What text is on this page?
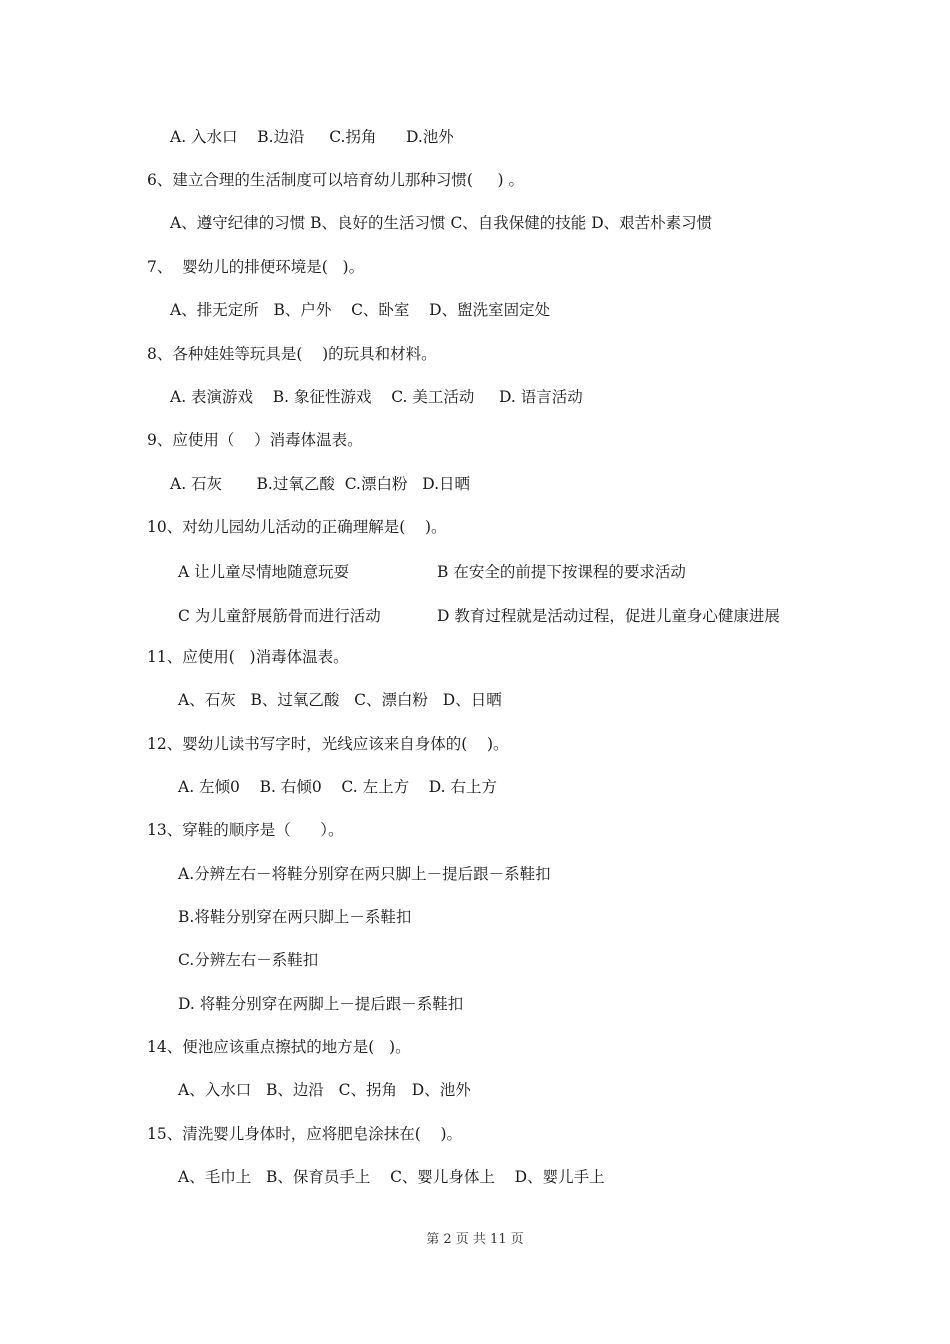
A. 入水口    B.边沿     C.拐角      D.池外
6、建立合理的生活制度可以培育幼儿那种习惯(     ) 。
A、遵守纪律的习惯 B、良好的生活习惯 C、自我保健的技能 D、艰苦朴素习惯
7、  婴幼儿的排便环境是(   )。
A、排无定所   B、户外    C、卧室    D、盥洗室固定处
8、各种娃娃等玩具是(    )的玩具和材料。
A. 表演游戏    B. 象征性游戏    C. 美工活动     D. 语言活动
9、应使用（    ）消毒体温表。
A. 石灰       B.过氧乙酸  C.漂白粉   D.日晒
10、对幼儿园幼儿活动的正确理解是(    )。
A 让儿童尽情地随意玩耍	B 在安全的前提下按课程的要求活动
C 为儿童舒展筋骨而进行活动	D 教育过程就是活动过程，促进儿童身心健康进展
11、应使用(   )消毒体温表。
A、石灰   B、过氧乙酸   C、漂白粉   D、日晒
12、婴幼儿读书写字时，光线应该来自身体的(    )。
A. 左倾0    B. 右倾0    C. 左上方    D. 右上方
13、穿鞋的顺序是（      ）。
A.分辨左右－将鞋分别穿在两只脚上－提后跟－系鞋扣
B.将鞋分别穿在两只脚上－系鞋扣
C.分辨左右－系鞋扣
D. 将鞋分别穿在两脚上－提后跟－系鞋扣
14、便池应该重点擦拭的地方是(   )。
A、入水口   B、边沿   C、拐角   D、池外
15、清洗婴儿身体时，应将肥皂涂抹在(    )。
A、毛巾上   B、保育员手上    C、婴儿身体上    D、婴儿手上
第 2 页 共 11 页
